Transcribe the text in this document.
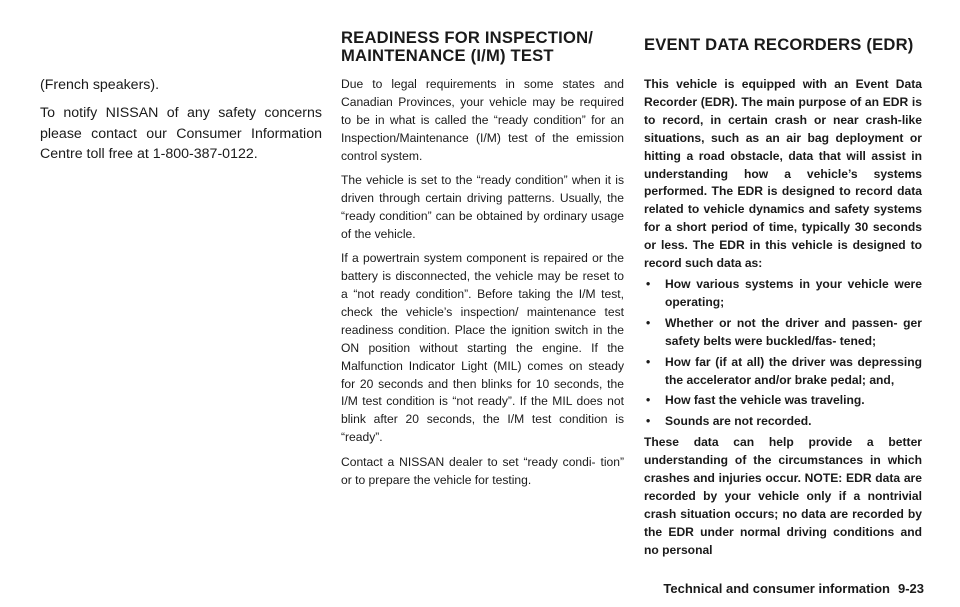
(French speakers).

To notify NISSAN of any safety concerns please contact our Consumer Information Centre toll free at 1-800-387-0122.

READINESS FOR INSPECTION/
MAINTENANCE (I/M) TEST

Due to legal requirements in some states and Canadian Provinces, your vehicle may be required to be in what is called the “ready condition” for an Inspection/Maintenance (I/M) test of the emission control system.

The vehicle is set to the “ready condition” when it is driven through certain driving patterns. Usually, the “ready condition” can be obtained by ordinary usage of the vehicle.

If a powertrain system component is repaired or the battery is disconnected, the vehicle may be reset to a “not ready condition”. Before taking the I/M test, check the vehicle’s inspection/ maintenance test readiness condition. Place the ignition switch in the ON position without starting the engine. If the Malfunction Indicator Light (MIL) comes on steady for 20 seconds and then blinks for 10 seconds, the I/M test condition is “not ready”. If the MIL does not blink after 20 seconds, the I/M test condition is “ready”.

Contact a NISSAN dealer to set “ready condi- tion” or to prepare the vehicle for testing.

EVENT DATA RECORDERS (EDR)

This vehicle is equipped with an Event Data Recorder (EDR). The main purpose of an EDR is to record, in certain crash or near crash-like situations, such as an air bag deployment or hitting a road obstacle, data that will assist in understanding how a vehicle’s systems performed. The EDR is designed to record data related to vehicle dynamics and safety systems for a short period of time, typically 30 seconds or less. The EDR in this vehicle is designed to record such data as:

• How various systems in your vehicle were operating;
• Whether or not the driver and passen- ger safety belts were buckled/fas- tened;
• How far (if at all) the driver was depressing the accelerator and/or brake pedal; and,
• How fast the vehicle was traveling.
• Sounds are not recorded.

These data can help provide a better understanding of the circumstances in which crashes and injuries occur. NOTE: EDR data are recorded by your vehicle only if a nontrivial crash situation occurs; no data are recorded by the EDR under normal driving conditions and no personal

Technical and consumer information 9-23
